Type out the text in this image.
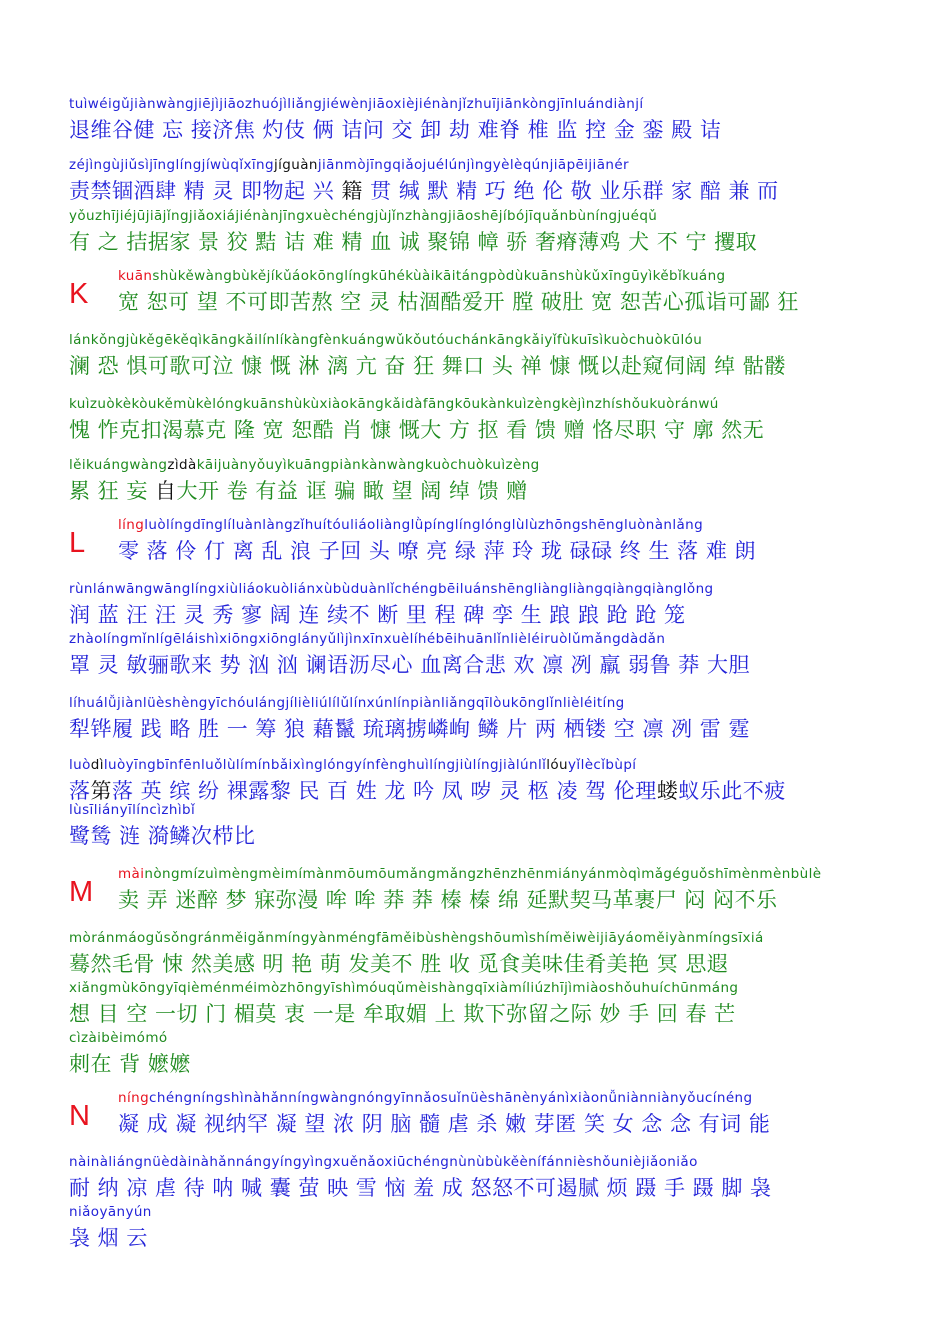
tuìwéigǔjiànwàngjiējìjiāozhuójìliǎngjiéwènjiāoxièjiénànjǐzhuījiānkòngjīnluándiànjí
退维谷健 忘 接济焦 灼伎 俩 诘问 交 卸 劫 难脊 椎 监 控 金 銮 殿 诘
zéjìngùjiǔsìjīnglíngjíwùqǐxīngjíguànjiānmòjīngqiǎojuélúnjìngyèlèqúnjiāpēijiānér
责禁锢酒肆 精 灵 即物起 兴 籍 贯 缄 默 精 巧 绝 伦 敬 业乐群 家 醅 兼 而
yǒuzhījiéjūjiājǐngjiǎoxiájiénànjīngxuèchéngjùjǐnzhàngjiāoshējíbójīquǎnbùníngjuéqǔ
有 之 拮据家 景 狡 黠 诘 难 精 血 诚 聚锦 幛 骄 奢瘠薄鸡 犬 不 宁 攫取
kuānshùkěwàngbùkějíkǔáokōnglíngkūhékùàikāitángpòdùkuānshùkǔxīngūyìkěbǐkuáng
宽 恕可 望 不可即苦熬 空 灵 枯涸酷爱开 膛 破肚 宽 恕苦心孤诣可鄙 狂
K
lánkǒngjùkěgēkěqìkāngkǎilínlíkàngfènkuángwǔkǒutóuchánkāngkǎiyǐfùkuīsìkuòchuòkūlóu
澜 恐 惧可歌可泣 慷 慨 淋 漓 亢 奋 狂 舞口 头 禅 慷 慨以赴窥伺阔 绰 骷髅
kuìzuòkèkòukěmùkèlóngkuānshùkùxiàokāngkǎidàfāngkōukànkuìzèngkèjìnzhíshǒukuòránwú
愧 怍克扣渴慕克 隆 宽 恕酷 肖 慷 慨大 方 抠 看 馈 赠 恪尽职 守 廓 然无
lěikuángwàngzìdàkāijuànyǒuyìkuāngpiànkànwàngkuòchuòkuìzèng
累 狂 妄 自大开 卷 有益 诓 骗 瞰 望 阔 绰 馈 赠
língluòlíngdīnglíluànlàngzǐhuítóuliáoliànglǜpínglínglónglùlùzhōngshēngluònànlǎng
零 落 伶 仃 离 乱 浪 子回 头 嘹 亮 绿 萍 玲 珑 碌碌 终 生 落 难 朗
L
rùnlánwāngwānglíngxiùliáokuòliánxùbùduànlǐchéngbēiluánshēngliàngliàngqiàngqiànglǒng
润 蓝 汪 汪 灵 秀 寥 阔 连 续不 断 里 程 碑 孪 生 踉 踉 跄 跄 笼
zhàolíngmǐnlígēláishìxiōngxiōnglányǔlìjìnxīnxuèlíhébēihuānlǐnlièléiruòlǔmǎngdàdǎn
罩 灵 敏骊歌来 势 汹 汹 谰语沥尽心 血离合悲 欢 凛 冽 羸 弱鲁 莽 大胆
líhuálǚjiànlüèshèngyīchóulángjílièliúlílǔlínxúnlínpiànliǎngqīlòukōnglǐnlièléitíng
犁铧履 践 略 胜 一 筹 狼 藉鬣 琉璃掳嶙峋 鳞 片 两 栖镂 空 凛 冽 雷 霆
luòdìluòyīngbīnfēnluǒlùlímínbǎixìnglóngyínfènghuìlíngjiùlíngjiàlúnlǐlóuyǐlècǐbùpí
落第落 英 缤 纷 裸露黎 民 百 姓 龙 吟 凤 哕 灵 柩 凌 驾 伦理蝼蚁乐此不疲
lùsīliányīlíncìzhìbǐ
鹭鸶 涟 漪鳞次栉比
màinòngmízuìmèngmèimímànmōumōumǎngmǎngzhēnzhēnmiányánmòqìmǎgéguǒshīmènmènbùlè
卖 弄 迷醉 梦 寐弥漫 哞 哞 莽 莽 榛 榛 绵 延默契马革裹尸 闷 闷不乐
M
mòránmáogǔsǒngránměigǎnmíngyànméngfāměibùshèngshōumìshíměiwèijiāyáoměiyànmíngsīxiá
蓦然毛骨 悚 然美感 明 艳 萌 发美不 胜 收 觅食美味佳肴美艳 冥 思遐
xiǎngmùkōngyīqièménméimòzhōngyīshìmóuqǔmèishàngqīxiàmíliúzhījìmiàoshǒuhuíchūnmáng
想 目 空 一切 门 楣莫 衷 一是 牟取媚 上 欺下弥留之际 妙 手 回 春 芒
cìzàibèimómó
刺在 背 嬷嬷
níngchéngníngshìnàhǎnníngwàngnóngyīnnǎosuǐnüèshānènyánìxiàonǚniànniànyǒucínéng
凝 成 凝 视纳罕 凝 望 浓 阴 脑 髓 虐 杀 嫩 芽匿 笑 女 念 念 有词 能
N
nàinàliángnüèdàinàhǎnnángyíngyìngxuěnǎoxiūchéngnùnùbùkěènífánnièshǒunièjiǎoniǎo
耐 纳 凉 虐 待 呐 喊 囊 萤 映 雪 恼 羞 成 怒怒不可遏腻 烦 蹑 手 蹑 脚 袅
niǎoyānyún
袅 烟 云
